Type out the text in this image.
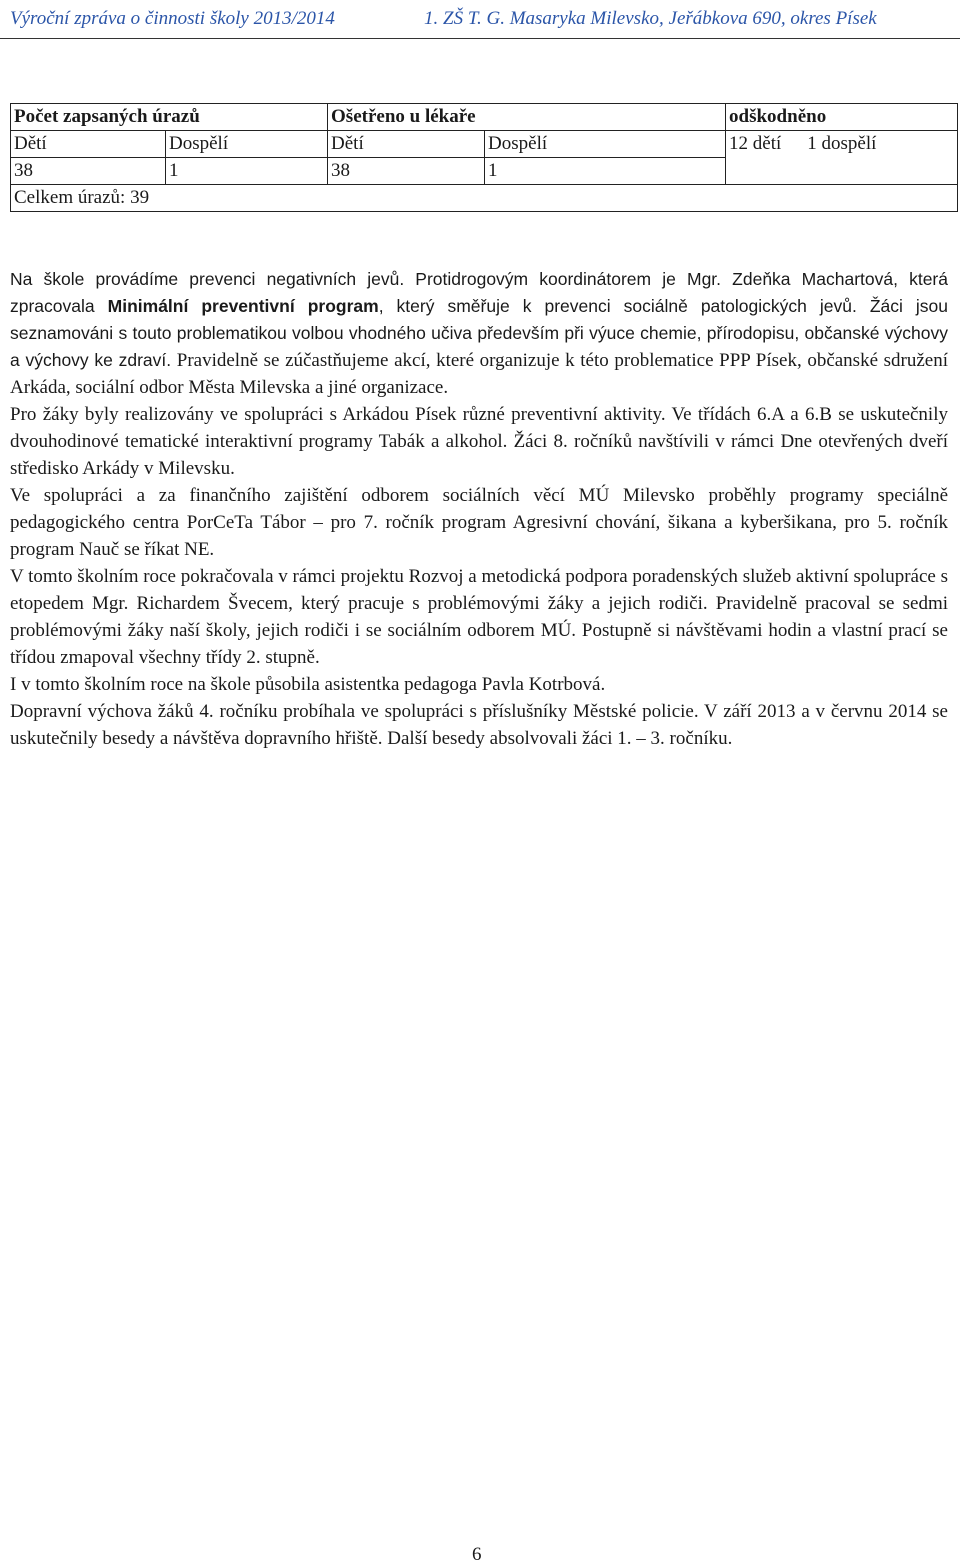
Výroční zpráva o činnosti školy 2013/2014	1. ZŠ T. G. Masaryka Milevsko, Jeřábkova 690, okres Písek
Počet zapsaných úrazů		Ošetřeno u lékaře		odškodněno
Dětí	Dospělí	Dětí	Dospělí	12 dětí 1 dospělí
38	1	38	1	
Celkem úrazů: 39				

Na škole provádíme prevenci negativních jevů. Protidrogovým koordinátorem je Mgr. Zdeňka Machartová, která zpracovala Minimální preventivní program, který směřuje k prevenci sociálně patologických jevů. Žáci jsou seznamováni s touto problematikou volbou vhodného učiva především při výuce chemie, přírodopisu, občanské výchovy a výchovy ke zdraví. Pravidelně se zúčastňujeme akcí, které organizuje k této problematice PPP Písek, občanské sdružení Arkáda, sociální odbor Města Milevska a jiné organizace.

Pro žáky byly realizovány ve spolupráci s Arkádou Písek různé preventivní aktivity. Ve třídách 6.A a 6.B se uskutečnily dvouhodinové tematické interaktivní programy Tabák a alkohol. Žáci 8. ročníků navštívili v rámci Dne otevřených dveří středisko Arkády v Milevsku.

Ve spolupráci a za finančního zajištění odborem sociálních věcí MÚ Milevsko proběhly programy speciálně pedagogického centra PorCeTa Tábor – pro 7. ročník program Agresivní chování, šikana a kyberšikana, pro 5. ročník program Nauč se říkat NE.

V tomto školním roce pokračovala v rámci projektu Rozvoj a metodická podpora poradenských služeb aktivní spolupráce s etopedem Mgr. Richardem Švecem, který pracuje s problémovými žáky a jejich rodiči. Pravidelně pracoval se sedmi problémovými žáky naší školy, jejich rodiči i se sociálním odborem MÚ. Postupně si návštěvami hodin a vlastní prací se třídou zmapoval všechny třídy 2. stupně.

I v tomto školním roce na škole působila asistentka pedagoga Pavla Kotrbová.

Dopravní výchova žáků 4. ročníku probíhala ve spolupráci s příslušníky Městské policie. V září 2013 a v červnu 2014 se uskutečnily besedy a návštěva dopravního hřiště. Další besedy absolvovali žáci 1. – 3. ročníku.

6
